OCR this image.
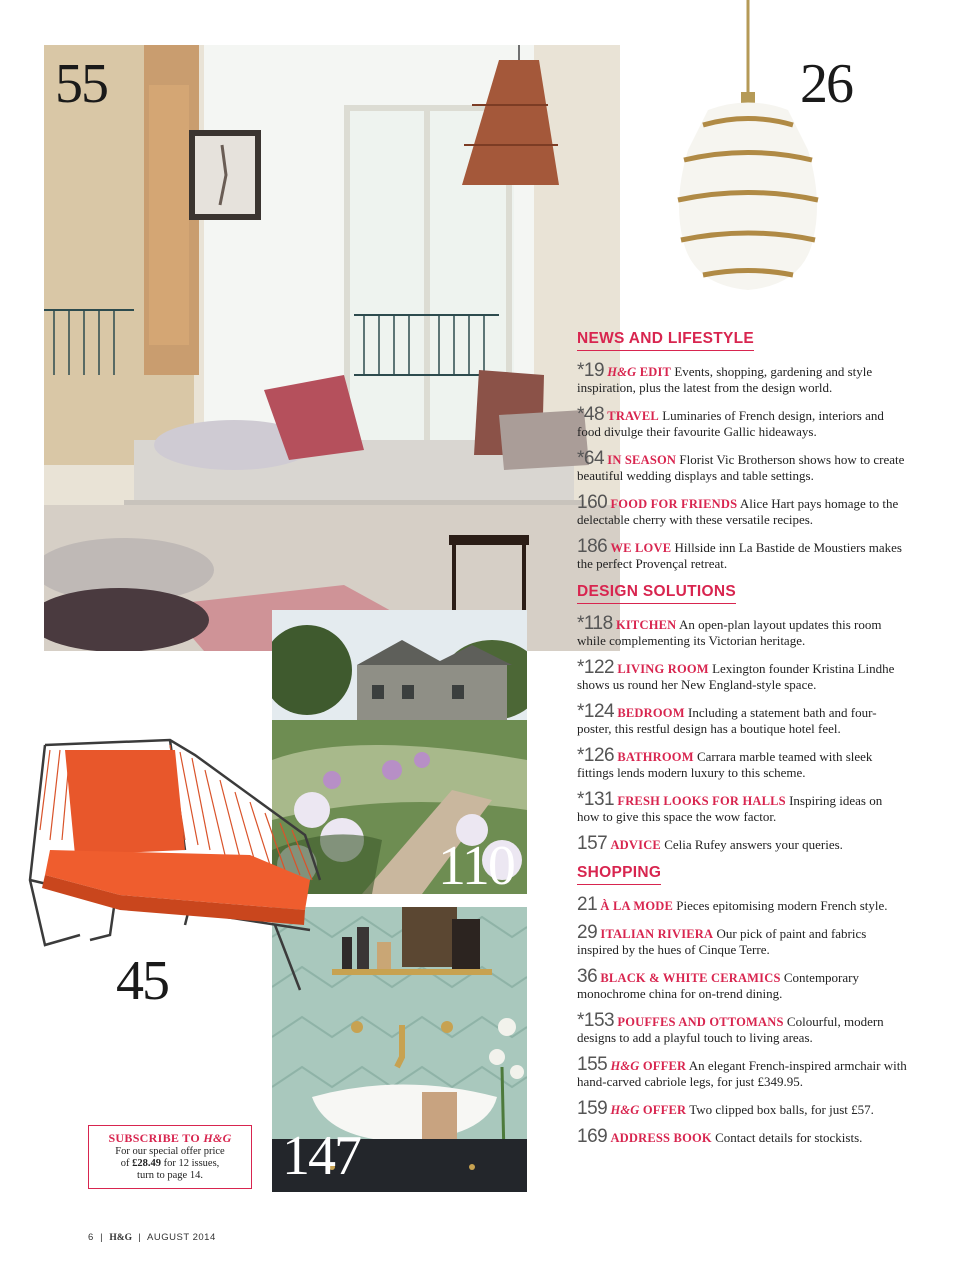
55	26
110
147
45
NEWS AND LIFESTYLE
*19 H&G EDIT Events, shopping, gardening and style inspiration, plus the latest from the design world.
*48 TRAVEL Luminaries of French design, interiors and food divulge their favourite Gallic hideaways.
*64 IN SEASON Florist Vic Brotherson shows how to create beautiful wedding displays and table settings.
160 FOOD FOR FRIENDS Alice Hart pays homage to the delectable cherry with these versatile recipes.
186 WE LOVE Hillside inn La Bastide de Moustiers makes the perfect Provençal retreat.
DESIGN SOLUTIONS
*118 KITCHEN An open-plan layout updates this room while complementing its Victorian heritage.
*122 LIVING ROOM Lexington founder Kristina Lindhe shows us round her New England-style space.
*124 BEDROOM Including a statement bath and four-poster, this restful design has a boutique hotel feel.
*126 BATHROOM Carrara marble teamed with sleek fittings lends modern luxury to this scheme.
*131 FRESH LOOKS FOR HALLS Inspiring ideas on how to give this space the wow factor.
157 ADVICE Celia Rufey answers your queries.
SHOPPING
21 À LA MODE Pieces epitomising modern French style.
29 ITALIAN RIVIERA Our pick of paint and fabrics inspired by the hues of Cinque Terre.
36 BLACK & WHITE CERAMICS Contemporary monochrome china for on-trend dining.
*153 POUFFES AND OTTOMANS Colourful, modern designs to add a playful touch to living areas.
155 H&G OFFER An elegant French-inspired armchair with hand-carved cabriole legs, for just £349.95.
159 H&G OFFER Two clipped box balls, for just £57.
169 ADDRESS BOOK Contact details for stockists.
SUBSCRIBE TO H&G
For our special offer price
of £28.49 for 12 issues,
turn to page 14.
6  |  H&G  |  AUGUST 2014
